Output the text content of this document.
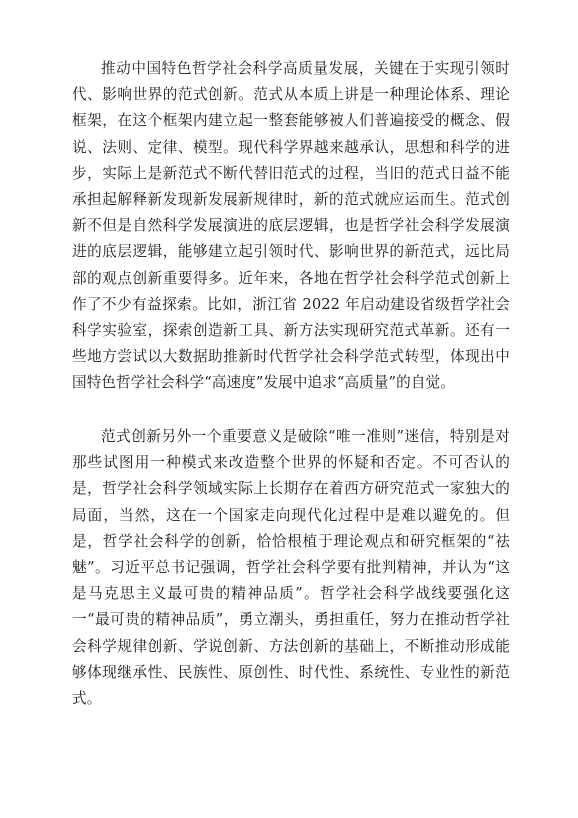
推动中国特色哲学社会科学高质量发展，关键在于实现引领时代、影响世界的范式创新。范式从本质上讲是一种理论体系、理论框架，在这个框架内建立起一整套能够被人们普遍接受的概念、假说、法则、定律、模型。现代科学界越来越承认，思想和科学的进步，实际上是新范式不断代替旧范式的过程，当旧的范式日益不能承担起解释新发现新发展新规律时，新的范式就应运而生。范式创新不但是自然科学发展演进的底层逻辑，也是哲学社会科学发展演进的底层逻辑，能够建立起引领时代、影响世界的新范式，远比局部的观点创新重要得多。近年来，各地在哲学社会科学范式创新上作了不少有益探索。比如，浙江省 2022 年启动建设省级哲学社会科学实验室，探索创造新工具、新方法实现研究范式革新。还有一些地方尝试以大数据助推新时代哲学社会科学范式转型，体现出中国特色哲学社会科学“高速度”发展中追求“高质量”的自觉。

范式创新另外一个重要意义是破除“唯一准则”迷信，特别是对那些试图用一种模式来改造整个世界的怀疑和否定。不可否认的是，哲学社会科学领域实际上长期存在着西方研究范式一家独大的局面，当然，这在一个国家走向现代化过程中是难以避免的。但是，哲学社会科学的创新，恰恰根植于理论观点和研究框架的“祛魅”。习近平总书记强调，哲学社会科学要有批判精神，并认为“这是马克思主义最可贵的精神品质”。哲学社会科学战线要强化这一“最可贵的精神品质”，勇立潮头，勇担重任，努力在推动哲学社会科学规律创新、学说创新、方法创新的基础上，不断推动形成能够体现继承性、民族性、原创性、时代性、系统性、专业性的新范式。
